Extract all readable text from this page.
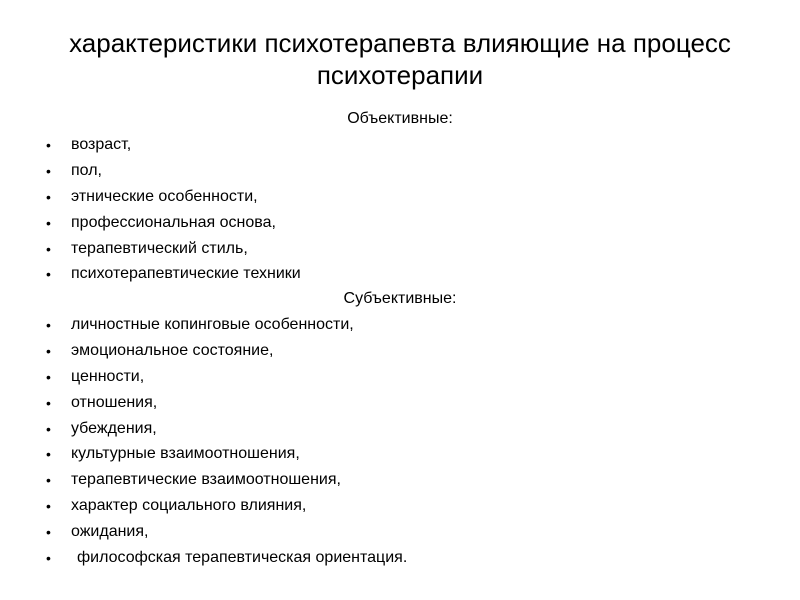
характеристики психотерапевта влияющие на процесс психотерапии

Объективные:

• возраст,
• пол,
• этнические особенности,
• профессиональная основа,
• терапевтический стиль,
• психотерапевтические техники

Субъективные:

• личностные копинговые особенности,
• эмоциональное состояние,
• ценности,
• отношения,
• убеждения,
• культурные взаимоотношения,
• терапевтические взаимоотношения,
• характер социального влияния,
• ожидания,
• философская терапевтическая ориентация.
